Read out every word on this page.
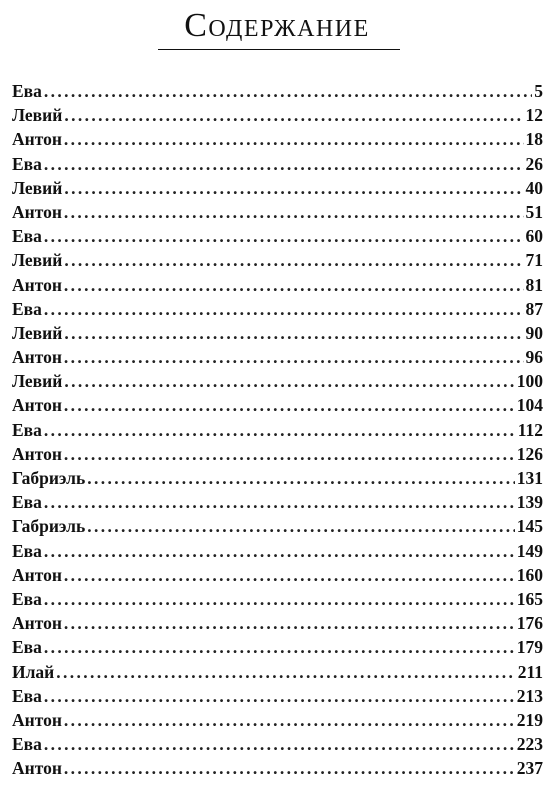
Содержание
Ева . . .	5
Левий . . .	12
Антон . . .	18
Ева . . .	26
Левий . . .	40
Антон . . .	51
Ева . . .	60
Левий . . .	71
Антон . . .	81
Ева . . .	87
Левий . . .	90
Антон . . .	96
Левий . . .	100
Антон . . .	104
Ева . . .	112
Антон . . .	126
Габриэль . . .	131
Ева . . .	139
Габриэль . . .	145
Ева . . .	149
Антон . . .	160
Ева . . .	165
Антон . . .	176
Ева . . .	179
Илай . . .	211
Ева . . .	213
Антон . . .	219
Ева . . .	223
Антон . . .	237
